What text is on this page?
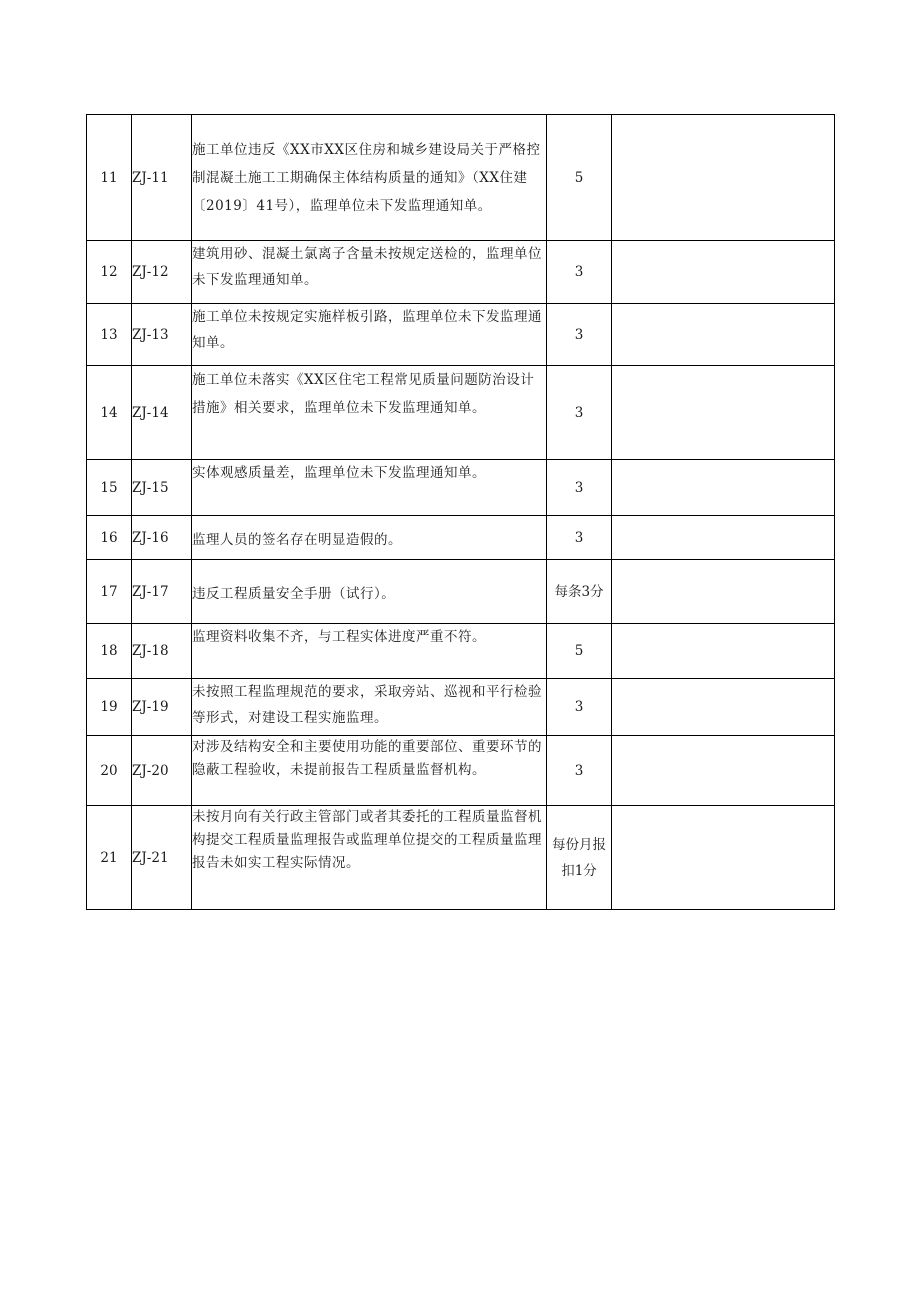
11	ZJ-11	施工单位违反《XX市XX区住房和城乡建设局关于严格控制混凝土施工工期确保主体结构质量的通知》（XX住建〔2019〕41号），监理单位未下发监理通知单。	5	
12	ZJ-12	建筑用砂、混凝土氯离子含量未按规定送检的，监理单位未下发监理通知单。	3	
13	ZJ-13	施工单位未按规定实施样板引路，监理单位未下发监理通知单。	3	
14	ZJ-14	施工单位未落实《XX区住宅工程常见质量问题防治设计措施》相关要求，监理单位未下发监理通知单。	3	
15	ZJ-15	实体观感质量差，监理单位未下发监理通知单。	3	
16	ZJ-16	监理人员的签名存在明显造假的。	3	
17	ZJ-17	违反工程质量安全手册（试行）。	每条3分	
18	ZJ-18	监理资料收集不齐，与工程实体进度严重不符。	5	
19	ZJ-19	未按照工程监理规范的要求，采取旁站、巡视和平行检验等形式，对建设工程实施监理。	3	
20	ZJ-20	对涉及结构安全和主要使用功能的重要部位、重要环节的隐蔽工程验收，未提前报告工程质量监督机构。	3	
21	ZJ-21	未按月向有关行政主管部门或者其委托的工程质量监督机构提交工程质量监理报告或监理单位提交的工程质量监理报告未如实工程实际情况。	每份月报扣1分	
